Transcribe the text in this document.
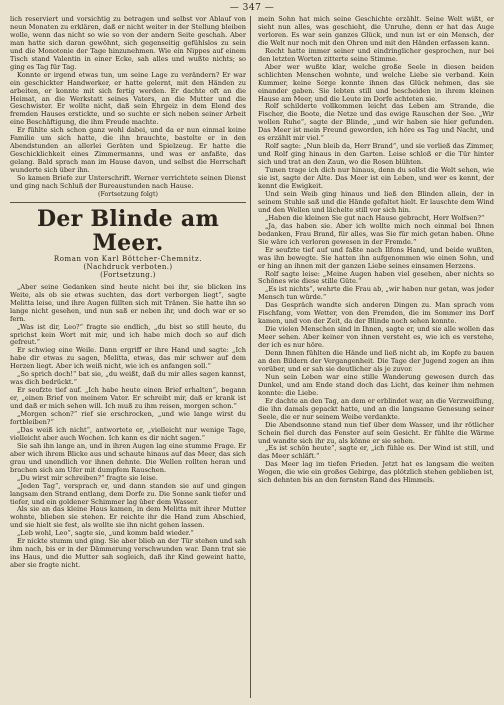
— 347 —

lich reserviert und vorsichtig zu betragen und selbst vor Ablauf von neun Monaten zu erklären, daß er nicht weiter in der Stellung bleiben wolle, wenn das nicht so wie so von der andern Seite geschah. Aber man hatte sich daran gewöhnt, sich gegenseitig gefühlslos zu sein und die Monotonie der Tage hinzunehmen. Wie ein Nippes auf einem Tisch stand Valentin in einer Ecke, sah alles und wußte nichts; so ging es Tag für Tag.

Konnte er irgend etwas tun, um seine Lage zu verändern? Er war ein geschickter Handwerker, er hatte gelernt, mit den Händen zu arbeiten, er konnte mit sich fertig werden. Er dachte oft an die Heimat, an die Werkstatt seines Vaters, an die Mutter und die Geschwister. Er wollte nicht, daß sein Ehrgeiz in dem Elend des fremden Hauses erstickte, und so suchte er sich neben seiner Arbeit eine Beschäftigung, die ihm Freude machte.

Er fühlte sich schon ganz wohl dabei, und da er nun einmal keine Familie um sich hatte, die ihn brauchte, bastelte er in den Abendstunden an allerlei Geräten und Spielzeug. Er hatte die Geschicklichkeit eines Zimmermanns, und was er anfaßte, das gelang. Bald sprach man im Hause davon, und selbst die Herrschaft wunderte sich über ihn.

So kamen Briefe zur Unterschrift. Werner verrichtete seinen Dienst und ging nach Schluß der Bureaustunden nach Hause.

(Fortsetzung folgt)

Der Blinde am Meer.

Roman von Karl Böttcher-Chemnitz.

(Nachdruck verboten.)

(Fortsetzung.)

„Aber seine Gedanken sind heute nicht bei ihr, sie blicken ins Weite, als ob sie etwas suchten, das dort verborgen liegt“, sagte Melitta leise, und ihre Augen füllten sich mit Tränen. Sie hatte ihn so lange nicht gesehen, und nun saß er neben ihr, und doch war er so fern.

„Was ist dir, Leo?“ fragte sie endlich, „du bist so still heute, du sprichst kein Wort mit mir, und ich habe mich doch so auf dich gefreut.“

Er schwieg eine Weile. Dann ergriff er ihre Hand und sagte: „Ich habe dir etwas zu sagen, Melitta, etwas, das mir schwer auf dem Herzen liegt. Aber ich weiß nicht, wie ich es anfangen soll.“

„So sprich doch!“ bat sie, „du weißt, daß du mir alles sagen kannst, was dich bedrückt.“

Er seufzte tief auf. „Ich habe heute einen Brief erhalten“, begann er, „einen Brief von meinem Vater. Er schreibt mir, daß er krank ist und daß er mich sehen will. Ich muß zu ihm reisen, morgen schon.“

„Morgen schon?“ rief sie erschrocken, „und wie lange wirst du fortbleiben?“

„Das weiß ich nicht“, antwortete er, „vielleicht nur wenige Tage, vielleicht aber auch Wochen. Ich kann es dir nicht sagen.“

Sie sah ihn lange an, und in ihren Augen lag eine stumme Frage. Er aber wich ihrem Blicke aus und schaute hinaus auf das Meer, das sich grau und unendlich vor ihnen dehnte. Die Wellen rollten heran und brachen sich am Ufer mit dumpfem Rauschen.

„Du wirst mir schreiben?“ fragte sie leise.

„Jeden Tag“, versprach er, und dann standen sie auf und gingen langsam den Strand entlang, dem Dorfe zu. Die Sonne sank tiefer und tiefer, und ein goldener Schimmer lag über dem Wasser.

Als sie an das kleine Haus kamen, in dem Melitta mit ihrer Mutter wohnte, blieben sie stehen. Er reichte ihr die Hand zum Abschied, und sie hielt sie fest, als wollte sie ihn nicht gehen lassen.

„Leb wohl, Leo“, sagte sie, „und komm bald wieder.“

Er nickte stumm und ging. Sie aber blieb an der Tür stehen und sah ihm nach, bis er in der Dämmerung verschwunden war. Dann trat sie ins Haus, und die Mutter sah sogleich, daß ihr Kind geweint hatte, aber sie fragte nicht.

mein Sohn hat mich seine Geschichte erzählt. Seine Welt wißt, er sieht nun alles, was geschieht, die Unruhe, denn er hat das Auge verloren. Es war sein ganzes Glück, und nun ist er ein Mensch, der die Welt nur noch mit den Ohren und mit den Händen erfassen kann.

Recht hatte immer seiner und eindringlicher gesprochen, nur bei den letzten Worten zitterte seine Stimme.

Aber wer wußte klar, welche große Seele in diesen beiden schlichten Menschen wohnte, und welche Liebe sie verband. Kein Kummer, keine Sorge konnte ihnen das Glück nehmen, das sie einander gaben. Sie lebten still und bescheiden in ihrem kleinen Hause am Meer, und die Leute im Dorfe achteten sie.

Rolf schilderte vollkommen leicht das Leben am Strande, die Fischer, die Boote, die Netze und das ewige Rauschen der See. „Wir wollen Ruhe“, sagte der Blinde, „und wir haben sie hier gefunden. Das Meer ist mein Freund geworden, ich höre es Tag und Nacht, und es erzählt mir viel.“

Rolf sagte: „Nun bleib da, Herr Brand“, und sie verließ das Zimmer, und Rolf ging hinaus in den Garten. Leise schloß er die Tür hinter sich und trat an den Zaun, wo die Rosen blühten.

Tunen trage ich dich nur hinaus, denn du sollst die Welt sehen, wie sie ist, sagte der Alte. Das Meer ist ein Leben, und wer es kennt, der kennt die Ewigkeit.

Und sein Weib ging hinaus und ließ den Blinden allein, der in seinem Stuhle saß und die Hände gefaltet hielt. Er lauschte dem Wind und den Wellen und lächelte still vor sich hin.

„Haben die kleinen Sie gut nach Hause gebracht, Herr Wolfsen?“

„Ja, das haben sie. Aber ich wollte mich noch einmal bei Ihnen bedanken, Frau Brand, für alles, was Sie für mich getan haben. Ohne Sie wäre ich verloren gewesen in der Fremde.“

Er seufzte tief auf und faßte nach Ilfons Hand, und beide wußten, was ihn bewegte. Sie hatten ihn aufgenommen wie einen Sohn, und er hing an ihnen mit der ganzen Liebe seines einsamen Herzens.

Rolf sagte leise: „Meine Augen haben viel gesehen, aber nichts so Schönes wie diese stille Güte.“

„Es ist nichts“, wehrte die Frau ab, „wir haben nur getan, was jeder Mensch tun würde.“

Das Gespräch wandte sich anderen Dingen zu. Man sprach vom Fischfang, vom Wetter, von den Fremden, die im Sommer ins Dorf kamen, und von der Zeit, da der Blinde noch sehen konnte.

Die vielen Menschen sind in Ihnen, sagte er, und sie alle wollen das Meer sehen. Aber keiner von ihnen versteht es, wie ich es verstehe, der ich es nur höre.

Denn Ihnen fühlten die Hände und ließ nicht ab, im Kopfe zu bauen an den Bildern der Vergangenheit. Die Tage der Jugend zogen an ihm vorüber, und er sah sie deutlicher als je zuvor.

Nun sein Leben war eine stille Wanderung gewesen durch das Dunkel, und am Ende stand doch das Licht, das keiner ihm nehmen konnte: die Liebe.

Er dachte an den Tag, an dem er erblindet war, an die Verzweiflung, die ihn damals gepackt hatte, und an die langsame Genesung seiner Seele, die er nur seinem Weibe verdankte.

Die Abendsonne stand nun tief über dem Wasser, und ihr rötlicher Schein fiel durch das Fenster auf sein Gesicht. Er fühlte die Wärme und wandte sich ihr zu, als könne er sie sehen.

„Es ist schön heute“, sagte er, „ich fühle es. Der Wind ist still, und das Meer schläft.“

Das Meer lag im tiefen Frieden. Jetzt hat es langsam die weiten Wogen, die wie ein großes Gebirge, das plötzlich stehen geblieben ist, sich dehnten bis an den fernsten Rand des Himmels.
